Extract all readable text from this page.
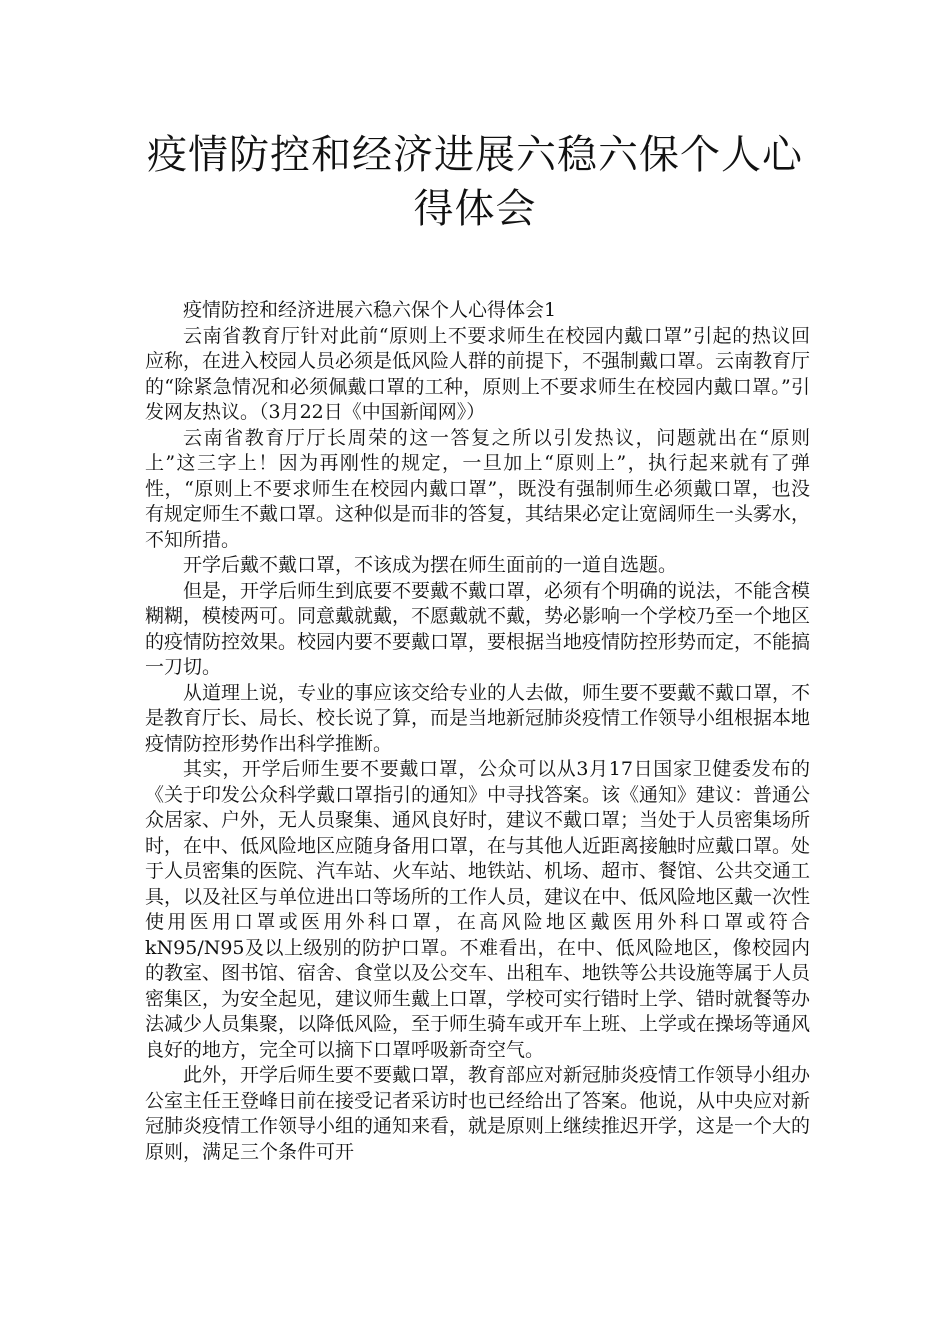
疫情防控和经济进展六稳六保个人心得体会

疫情防控和经济进展六稳六保个人心得体会1

云南省教育厅针对此前“原则上不要求师生在校园内戴口罩”引起的热议回应称，在进入校园人员必须是低风险人群的前提下，不强制戴口罩。云南教育厅的“除紧急情况和必须佩戴口罩的工种，原则上不要求师生在校园内戴口罩。”引发网友热议。（3月22日《中国新闻网》）

云南省教育厅厅长周荣的这一答复之所以引发热议，问题就出在“原则上”这三字上！因为再刚性的规定，一旦加上“原则上”，执行起来就有了弹性，“原则上不要求师生在校园内戴口罩”，既没有强制师生必须戴口罩，也没有规定师生不戴口罩。这种似是而非的答复，其结果必定让宽阔师生一头雾水，不知所措。

开学后戴不戴口罩，不该成为摆在师生面前的一道自选题。

但是，开学后师生到底要不要戴不戴口罩，必须有个明确的说法，不能含模糊糊，模棱两可。同意戴就戴，不愿戴就不戴，势必影响一个学校乃至一个地区的疫情防控效果。校园内要不要戴口罩，要根据当地疫情防控形势而定，不能搞一刀切。

从道理上说，专业的事应该交给专业的人去做，师生要不要戴不戴口罩，不是教育厅长、局长、校长说了算，而是当地新冠肺炎疫情工作领导小组根据本地疫情防控形势作出科学推断。

其实，开学后师生要不要戴口罩，公众可以从3月17日国家卫健委发布的《关于印发公众科学戴口罩指引的通知》中寻找答案。该《通知》建议：普通公众居家、户外，无人员聚集、通风良好时，建议不戴口罩；当处于人员密集场所时，在中、低风险地区应随身备用口罩，在与其他人近距离接触时应戴口罩。处于人员密集的医院、汽车站、火车站、地铁站、机场、超市、餐馆、公共交通工具，以及社区与单位进出口等场所的工作人员，建议在中、低风险地区戴一次性使用医用口罩或医用外科口罩，在高风险地区戴医用外科口罩或符合kN95/N95及以上级别的防护口罩。不难看出，在中、低风险地区，像校园内的教室、图书馆、宿舍、食堂以及公交车、出租车、地铁等公共设施等属于人员密集区，为安全起见，建议师生戴上口罩，学校可实行错时上学、错时就餐等办法减少人员集聚，以降低风险，至于师生骑车或开车上班、上学或在操场等通风良好的地方，完全可以摘下口罩呼吸新奇空气。

此外，开学后师生要不要戴口罩，教育部应对新冠肺炎疫情工作领导小组办公室主任王登峰日前在接受记者采访时也已经给出了答案。他说，从中央应对新冠肺炎疫情工作领导小组的通知来看，就是原则上继续推迟开学，这是一个大的原则，满足三个条件可开
